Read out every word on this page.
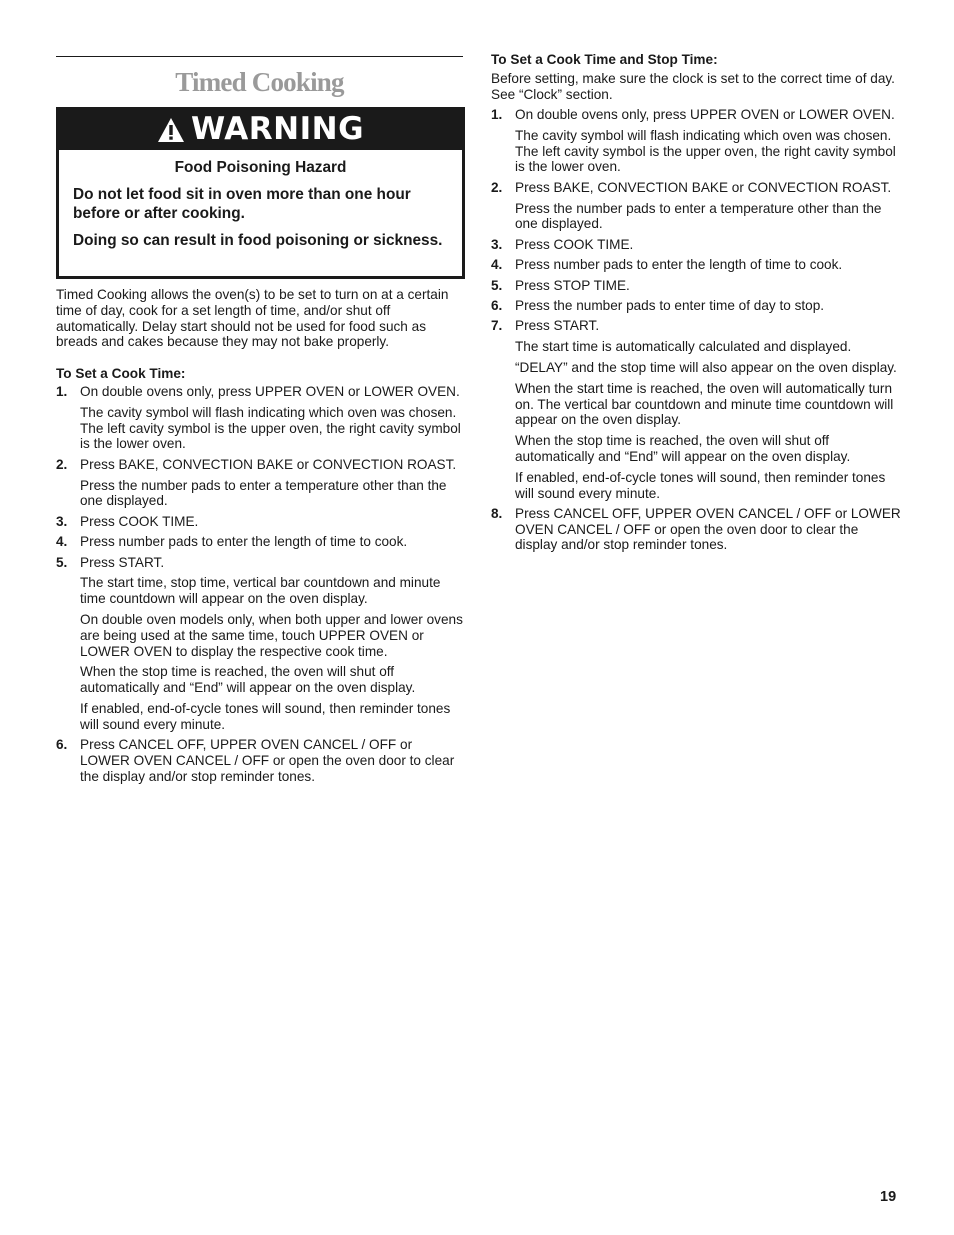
Timed Cooking
WARNING
Food Poisoning Hazard

Do not let food sit in oven more than one hour before or after cooking.

Doing so can result in food poisoning or sickness.

Timed Cooking allows the oven(s) to be set to turn on at a certain time of day, cook for a set length of time, and/or shut off automatically. Delay start should not be used for food such as breads and cakes because they may not bake properly.
To Set a Cook Time:
1. On double ovens only, press UPPER OVEN or LOWER OVEN.

The cavity symbol will flash indicating which oven was chosen. The left cavity symbol is the upper oven, the right cavity symbol is the lower oven.

2. Press BAKE, CONVECTION BAKE or CONVECTION ROAST.

Press the number pads to enter a temperature other than the one displayed.

3. Press COOK TIME.

4. Press number pads to enter the length of time to cook.

5. Press START.

The start time, stop time, vertical bar countdown and minute time countdown will appear on the oven display.

On double oven models only, when both upper and lower ovens are being used at the same time, touch UPPER OVEN or LOWER OVEN to display the respective cook time.

When the stop time is reached, the oven will shut off automatically and “End” will appear on the oven display.

If enabled, end-of-cycle tones will sound, then reminder tones will sound every minute.

6. Press CANCEL OFF, UPPER OVEN CANCEL / OFF or LOWER OVEN CANCEL / OFF or open the oven door to clear the display and/or stop reminder tones.

To Set a Cook Time and Stop Time:
Before setting, make sure the clock is set to the correct time of day. See “Clock” section.
1. On double ovens only, press UPPER OVEN or LOWER OVEN.

The cavity symbol will flash indicating which oven was chosen. The left cavity symbol is the upper oven, the right cavity symbol is the lower oven.

2. Press BAKE, CONVECTION BAKE or CONVECTION ROAST.

Press the number pads to enter a temperature other than the one displayed.

3. Press COOK TIME.

4. Press number pads to enter the length of time to cook.

5. Press STOP TIME.

6. Press the number pads to enter time of day to stop.

7. Press START.

The start time is automatically calculated and displayed.

“DELAY” and the stop time will also appear on the oven display.

When the start time is reached, the oven will automatically turn on. The vertical bar countdown and minute time countdown will appear on the oven display.

When the stop time is reached, the oven will shut off automatically and “End” will appear on the oven display.

If enabled, end-of-cycle tones will sound, then reminder tones will sound every minute.

8. Press CANCEL OFF, UPPER OVEN CANCEL / OFF or LOWER OVEN CANCEL / OFF or open the oven door to clear the display and/or stop reminder tones.

19
